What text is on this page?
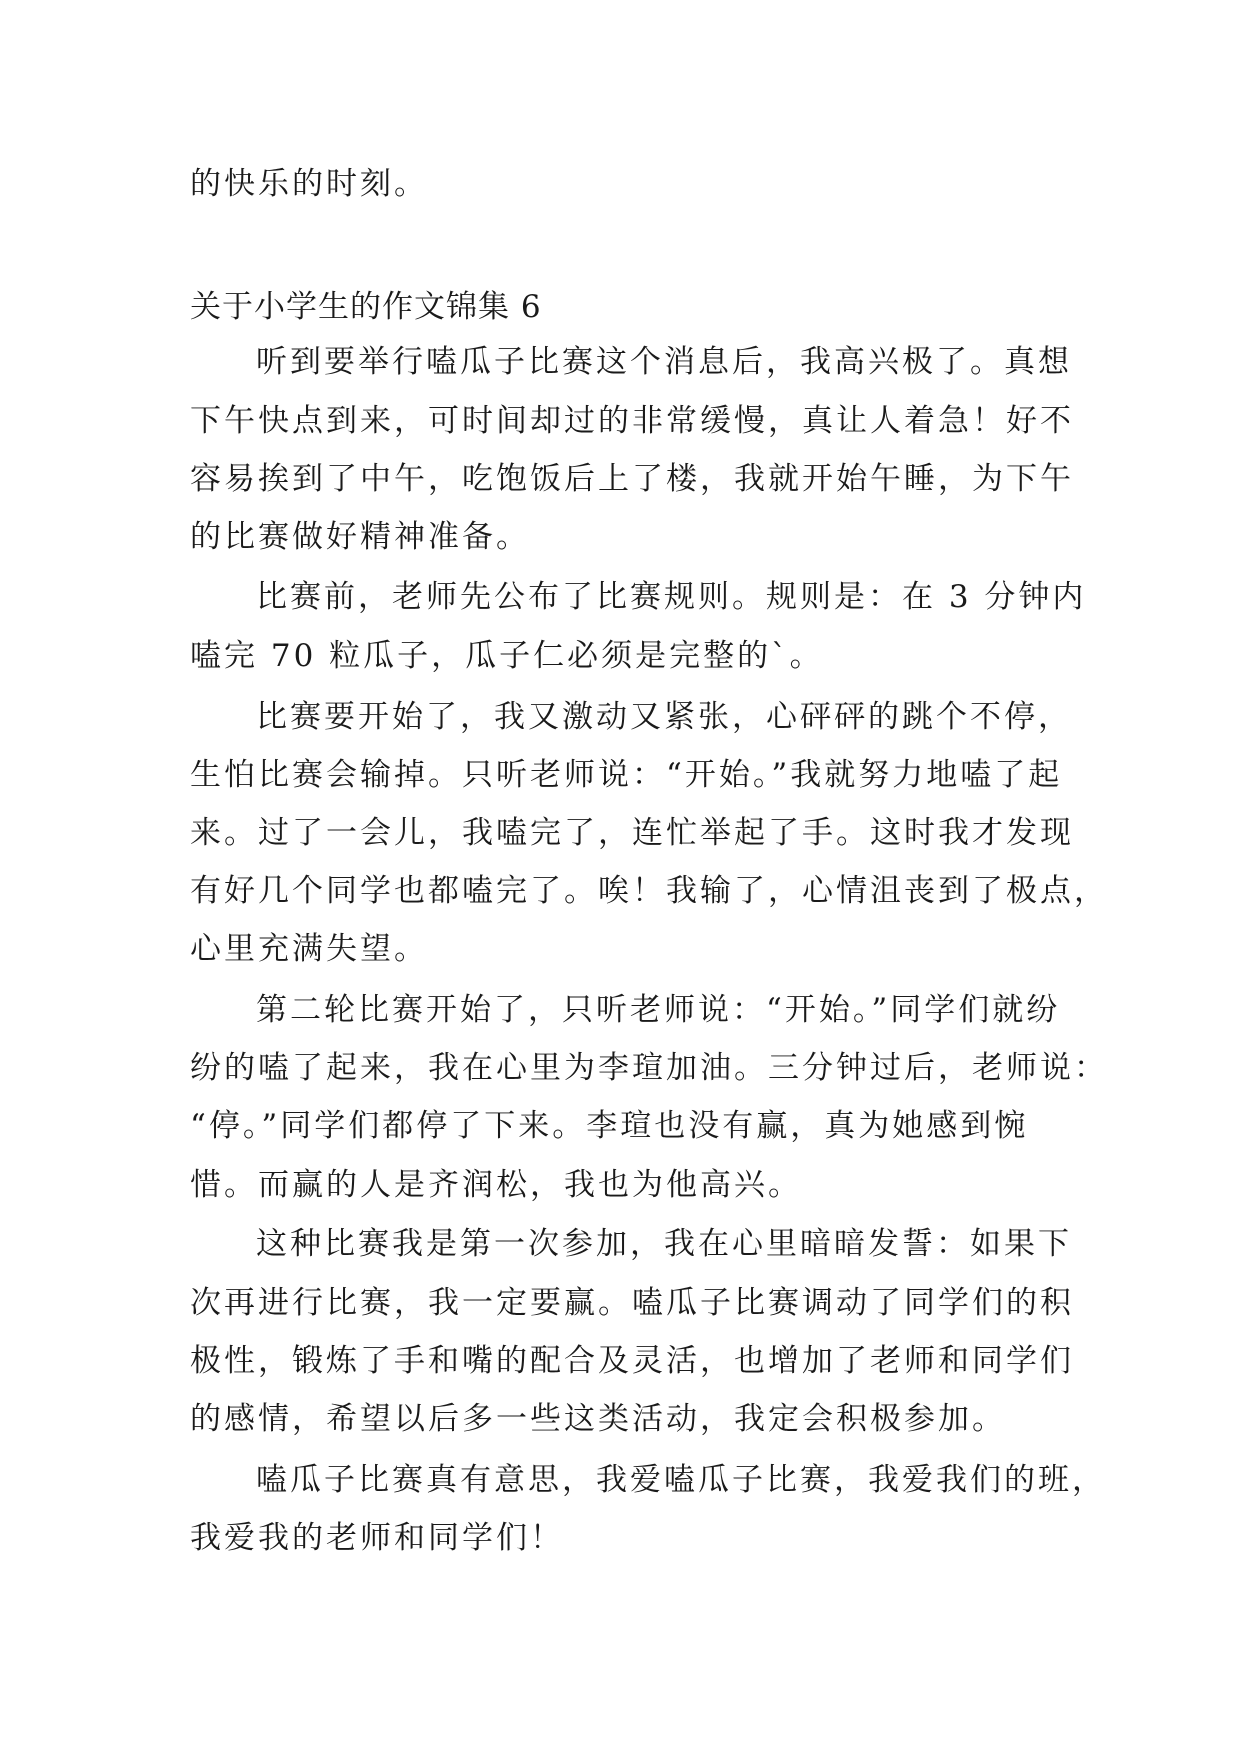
的快乐的时刻。
关于小学生的作文锦集 6
听到要举行嗑瓜子比赛这个消息后，我高兴极了。真想
下午快点到来，可时间却过的非常缓慢，真让人着急！好不
容易挨到了中午，吃饱饭后上了楼，我就开始午睡，为下午
的比赛做好精神准备。
比赛前，老师先公布了比赛规则。规则是：在 3 分钟内
嗑完 70 粒瓜子，瓜子仁必须是完整的`。
比赛要开始了，我又激动又紧张，心砰砰的跳个不停，
生怕比赛会输掉。只听老师说：“开始。”我就努力地嗑了起
来。过了一会儿，我嗑完了，连忙举起了手。这时我才发现
有好几个同学也都嗑完了。唉！我输了，心情沮丧到了极点，
心里充满失望。
第二轮比赛开始了，只听老师说：“开始。”同学们就纷
纷的嗑了起来，我在心里为李瑄加油。三分钟过后，老师说：
“停。”同学们都停了下来。李瑄也没有赢，真为她感到惋
惜。而赢的人是齐润松，我也为他高兴。
这种比赛我是第一次参加，我在心里暗暗发誓：如果下
次再进行比赛，我一定要赢。嗑瓜子比赛调动了同学们的积
极性，锻炼了手和嘴的配合及灵活，也增加了老师和同学们
的感情，希望以后多一些这类活动，我定会积极参加。
嗑瓜子比赛真有意思，我爱嗑瓜子比赛，我爱我们的班，
我爱我的老师和同学们！
